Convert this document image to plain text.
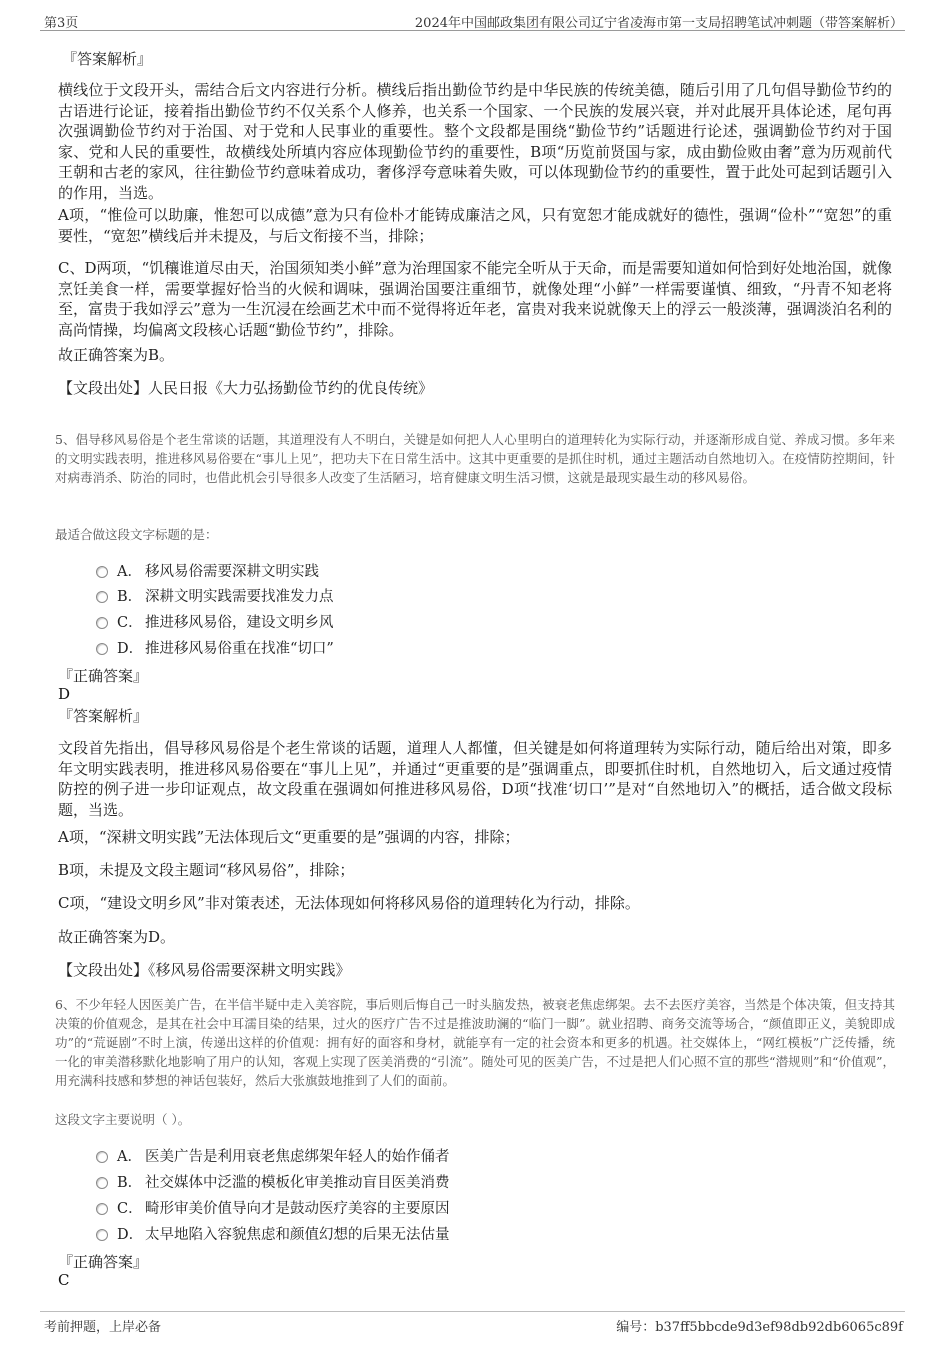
第3页	2024年中国邮政集团有限公司辽宁省凌海市第一支局招聘笔试冲刺题（带答案解析）
『答案解析』
横线位于文段开头，需结合后文内容进行分析。横线后指出勤俭节约是中华民族的传统美德，随后引用了几句倡导勤俭节约的古语进行论证，接着指出勤俭节约不仅关系个人修养，也关系一个国家、一个民族的发展兴衰，并对此展开具体论述，尾句再次强调勤俭节约对于治国、对于党和人民事业的重要性。整个文段都是围绕“勤俭节约”话题进行论述，强调勤俭节约对于国家、党和人民的重要性，故横线处所填内容应体现勤俭节约的重要性，B项“历览前贤国与家，成由勤俭败由奢”意为历观前代王朝和古老的家风，往往勤俭节约意味着成功，奢侈浮夸意味着失败，可以体现勤俭节约的重要性，置于此处可起到话题引入的作用，当选。
A项，“惟俭可以助廉，惟恕可以成德”意为只有俭朴才能铸成廉洁之风，只有宽恕才能成就好的德性，强调“俭朴”“宽恕”的重要性，“宽恕”横线后并未提及，与后文衔接不当，排除；
C、D两项，“饥穰谁道尽由天，治国须知类小鲜”意为治理国家不能完全听从于天命，而是需要知道如何恰到好处地治国，就像烹饪美食一样，需要掌握好恰当的火候和调味，强调治国要注重细节，就像处理“小鲜”一样需要谨慎、细致，“丹青不知老将至，富贵于我如浮云”意为一生沉浸在绘画艺术中而不觉得将近年老，富贵对我来说就像天上的浮云一般淡薄，强调淡泊名利的高尚情操，均偏离文段核心话题“勤俭节约”，排除。
故正确答案为B。
【文段出处】人民日报《大力弘扬勤俭节约的优良传统》
5、倡导移风易俗是个老生常谈的话题，其道理没有人不明白，关键是如何把人人心里明白的道理转化为实际行动，并逐渐形成自觉、养成习惯。多年来的文明实践表明，推进移风易俗要在“事儿上见”，把功夫下在日常生活中。这其中更重要的是抓住时机，通过主题活动自然地切入。在疫情防控期间，针对病毒消杀、防治的同时，也借此机会引导很多人改变了生活陋习，培育健康文明生活习惯，这就是最现实最生动的移风易俗。
最适合做这段文字标题的是：
A． 移风易俗需要深耕文明实践
B． 深耕文明实践需要找准发力点
C． 推进移风易俗，建设文明乡风
D． 推进移风易俗重在找准“切口”
『正确答案』
D
『答案解析』
文段首先指出，倡导移风易俗是个老生常谈的话题，道理人人都懂，但关键是如何将道理转为实际行动，随后给出对策，即多年文明实践表明，推进移风易俗要在“事儿上见”，并通过“更重要的是”强调重点，即要抓住时机，自然地切入，后文通过疫情防控的例子进一步印证观点，故文段重在强调如何推进移风易俗，D项“找准‘切口’”是对“自然地切入”的概括，适合做文段标题，当选。
A项，“深耕文明实践”无法体现后文“更重要的是”强调的内容，排除；
B项，未提及文段主题词“移风易俗”，排除；
C项，“建设文明乡风”非对策表述，无法体现如何将移风易俗的道理转化为行动，排除。
故正确答案为D。
【文段出处】《移风易俗需要深耕文明实践》
6、不少年轻人因医美广告，在半信半疑中走入美容院，事后则后悔自己一时头脑发热，被衰老焦虑绑架。去不去医疗美容，当然是个体决策，但支持其决策的价值观念，是其在社会中耳濡目染的结果，过火的医疗广告不过是推波助澜的“临门一脚”。就业招聘、商务交流等场合，“颜值即正义，美貌即成功”的“荒诞剧”不时上演，传递出这样的价值观：拥有好的面容和身材，就能享有一定的社会资本和更多的机遇。社交媒体上，“网红模板”广泛传播，统一化的审美潜移默化地影响了用户的认知，客观上实现了医美消费的“引流”。随处可见的医美广告，不过是把人们心照不宣的那些“潜规则”和“价值观”，用充满科技感和梦想的神话包装好，然后大张旗鼓地推到了人们的面前。
这段文字主要说明（ ）。
A． 医美广告是利用衰老焦虑绑架年轻人的始作俑者
B． 社交媒体中泛滥的模板化审美推动盲目医美消费
C． 畸形审美价值导向才是鼓动医疗美容的主要原因
D． 太早地陷入容貌焦虑和颜值幻想的后果无法估量
『正确答案』
C
考前押题，上岸必备	编号：b37ff5bbcde9d3ef98db92db6065c89f
